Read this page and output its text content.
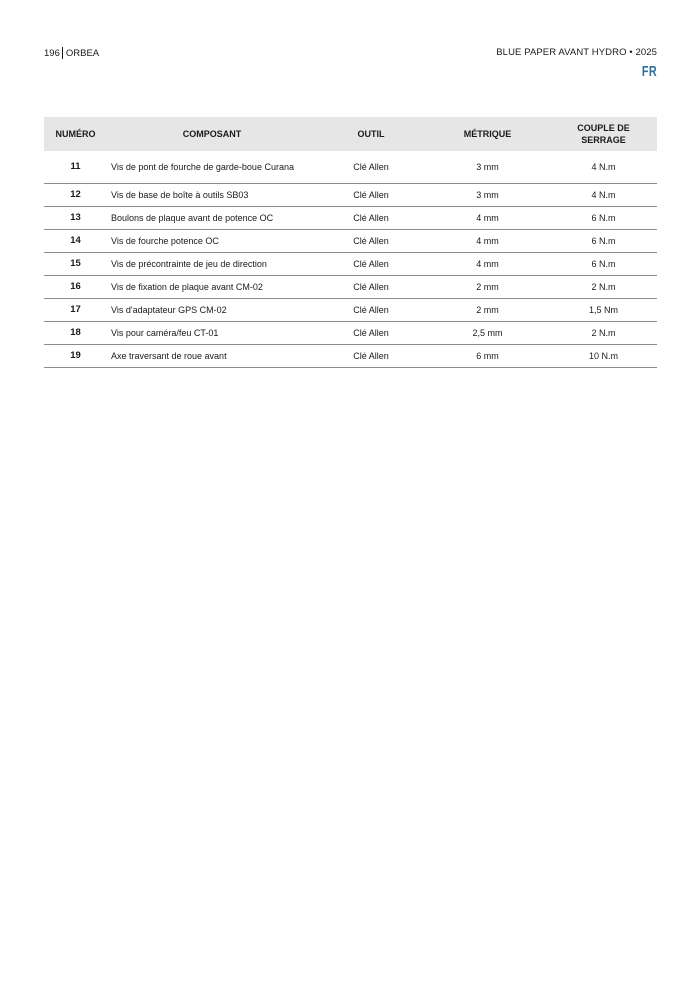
196 ORBEA	BLUE PAPER AVANT HYDRO • 2025
FR
NUMÉRO	COMPOSANT	OUTIL	MÉTRIQUE	COUPLE DE
SERRAGE
11	Vis de pont de fourche de garde-boue Curana	Clé Allen	3 mm	4 N.m
12	Vis de base de boîte à outils SB03	Clé Allen	3 mm	4 N.m
13	Boulons de plaque avant de potence OC	Clé Allen	4 mm	6 N.m
14	Vis de fourche potence OC	Clé Allen	4 mm	6 N.m
15	Vis de précontrainte de jeu de direction	Clé Allen	4 mm	6 N.m
16	Vis de fixation de plaque avant CM-02	Clé Allen	2 mm	2 N.m
17	Vis d'adaptateur GPS CM-02	Clé Allen	2 mm	1,5 Nm
18	Vis pour caméra/feu CT-01	Clé Allen	2,5 mm	2 N.m
19	Axe traversant de roue avant	Clé Allen	6 mm	10 N.m
